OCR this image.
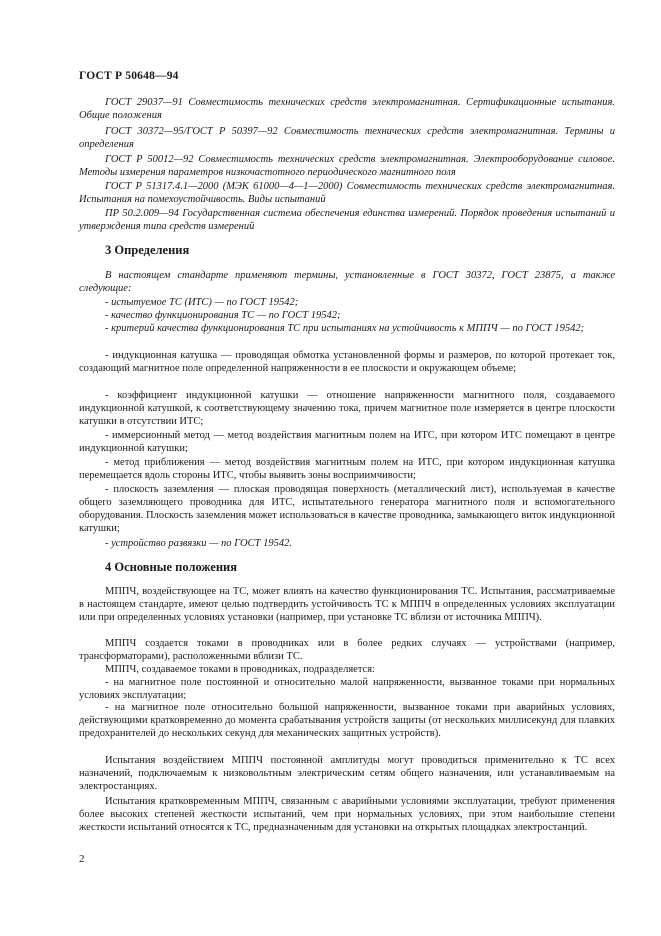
ГОСТ Р 50648—94

ГОСТ 29037—91 Совместимость технических средств электромагнитная. Сертификационные испытания. Общие положения

ГОСТ 30372—95/ГОСТ Р 50397—92 Совместимость технических средств электромагнитная. Термины и определения

ГОСТ Р 50012—92 Совместимость технических средств электромагнитная. Электрооборудование силовое. Методы измерения параметров низкочастотного периодического магнитного поля

ГОСТ Р 51317.4.1—2000 (МЭК 61000—4—1—2000) Совместимость технических средств электромагнитная. Испытания на помехоустойчивость. Виды испытаний

ПР 50.2.009—94 Государственная система обеспечения единства измерений. Порядок проведения испытаний и утверждения типа средств измерений

3 Определения

В настоящем стандарте применяют термины, установленные в ГОСТ 30372, ГОСТ 23875, а также следующие:

- испытуемое ТС (ИТС) — по ГОСТ 19542;

- качество функционирования ТС — по ГОСТ 19542;

- критерий качества функционирования ТС при испытаниях на устойчивость к МППЧ — по ГОСТ 19542;

- индукционная катушка — проводящая обмотка установленной формы и размеров, по которой протекает ток, создающий магнитное поле определенной напряженности в ее плоскости и окружающем объеме;

- коэффициент индукционной катушки — отношение напряженности магнитного поля, создаваемого индукционной катушкой, к соответствующему значению тока, причем магнитное поле измеряется в центре плоскости катушки в отсутствии ИТС;

- иммерсионный метод — метод воздействия магнитным полем на ИТС, при котором ИТС помещают в центре индукционной катушки;

- метод приближения — метод воздействия магнитным полем на ИТС, при котором индукционная катушка перемещается вдоль стороны ИТС, чтобы выявить зоны восприимчивости;

- плоскость заземления — плоская проводящая поверхность (металлический лист), используемая в качестве общего заземляющего проводника для ИТС, испытательного генератора магнитного поля и вспомогательного оборудования. Плоскость заземления может использоваться в качестве проводника, замыкающего виток индукционной катушки;

- устройство развязки — по ГОСТ 19542.

4 Основные положения

МППЧ, воздействующее на ТС, может влиять на качество функционирования ТС. Испытания, рассматриваемые в настоящем стандарте, имеют целью подтвердить устойчивость ТС к МППЧ в определенных условиях эксплуатации или при определенных условиях установки (например, при установке ТС вблизи от источника МППЧ).

МППЧ создается токами в проводниках или в более редких случаях — устройствами (например, трансформаторами), расположенными вблизи ТС.

МППЧ, создаваемое токами в проводниках, подразделяется:

- на магнитное поле постоянной и относительно малой напряженности, вызванное токами при нормальных условиях эксплуатации;

- на магнитное поле относительно большой напряженности, вызванное токами при аварийных условиях, действующими кратковременно до момента срабатывания устройств защиты (от нескольких миллисекунд для плавких предохранителей до нескольких секунд для механических защитных устройств).

Испытания воздействием МППЧ постоянной амплитуды могут проводиться применительно к ТС всех назначений, подключаемым к низковольтным электрическим сетям общего назначения, или устанавливаемым на электростанциях.

Испытания кратковременным МППЧ, связанным с аварийными условиями эксплуатации, требуют применения более высоких степеней жесткости испытаний, чем при нормальных условиях, при этом наибольшие степени жесткости испытаний относятся к ТС, предназначенным для установки на открытых площадках электростанций.

2
